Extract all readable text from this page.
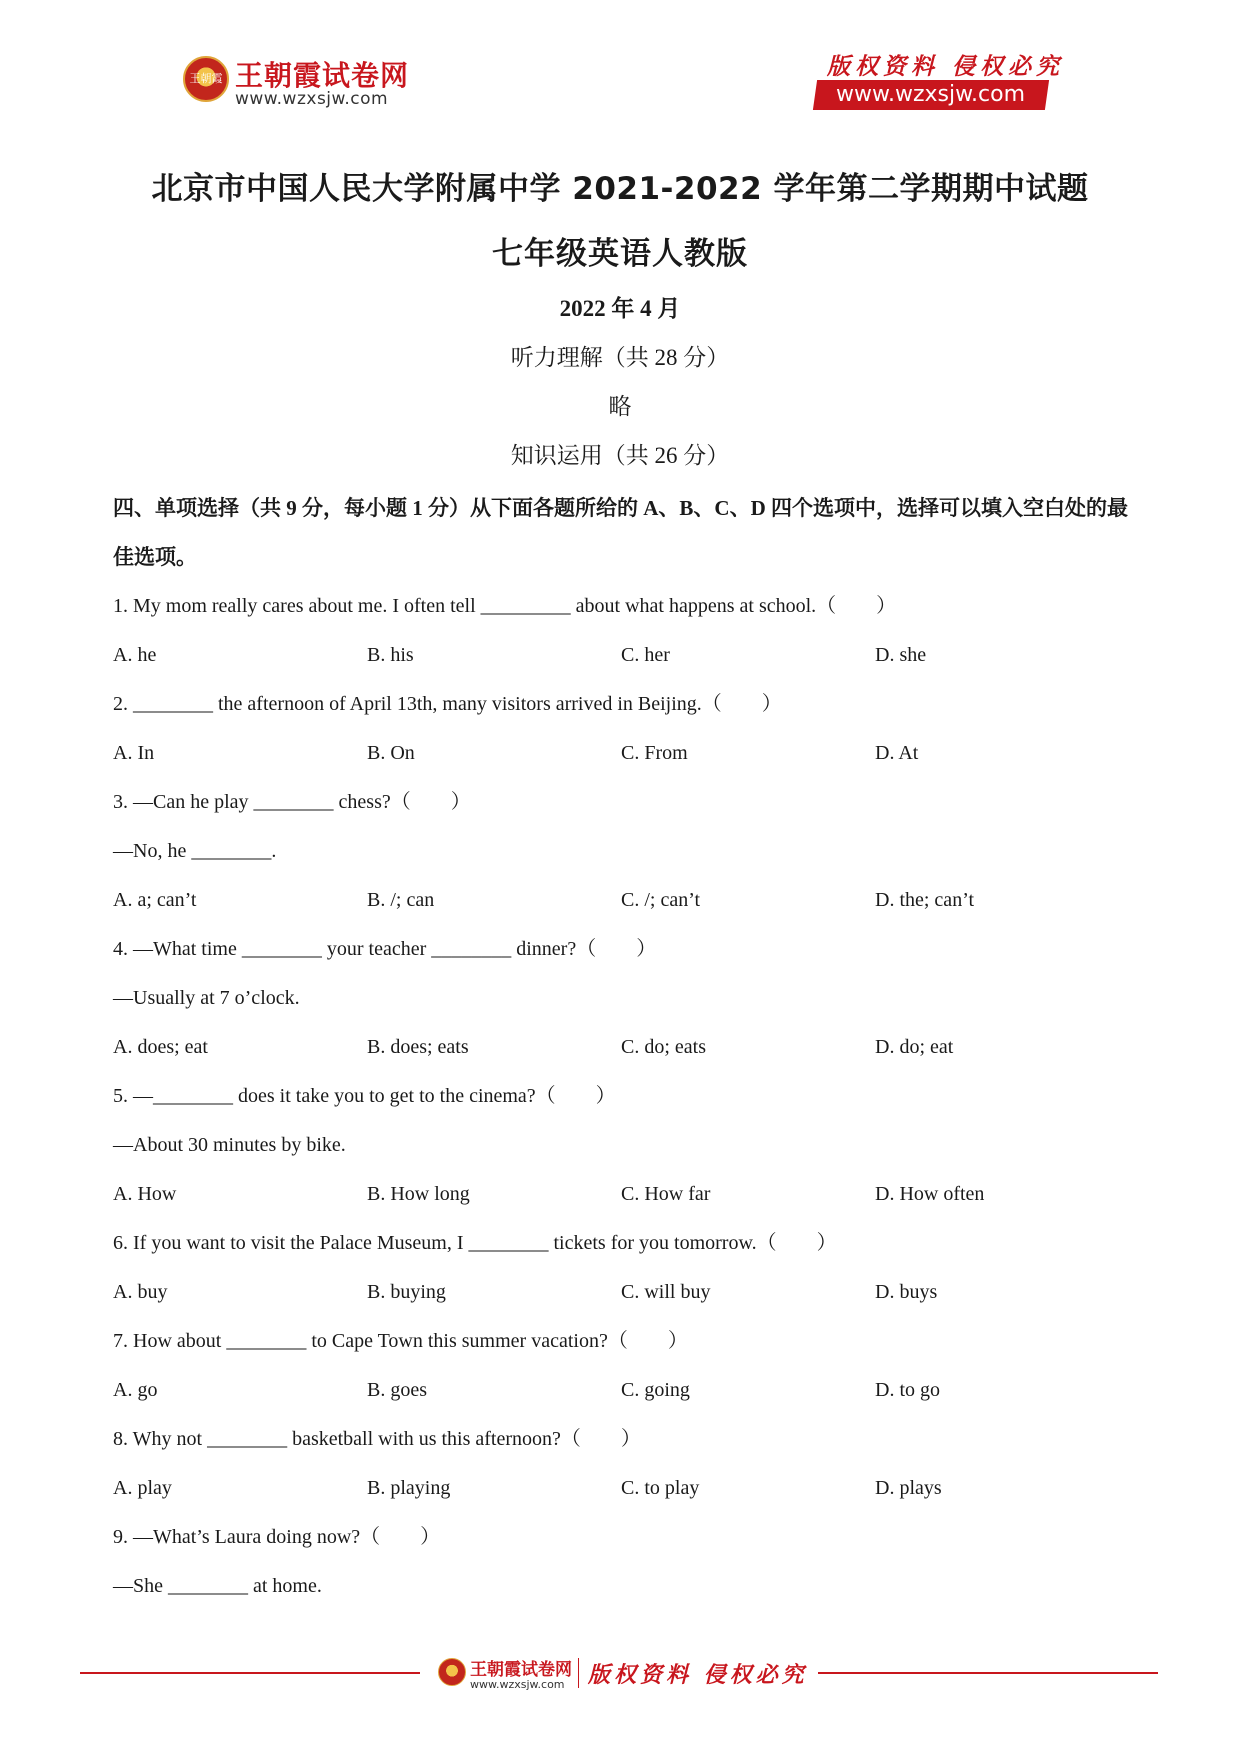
王朝霞 王朝霞试卷网
www.wzxsjw.com
版权资料 侵权必究
www.wzxsjw.com
北京市中国人民大学附属中学 2021-2022 学年第二学期期中试题
七年级英语人教版
2022 年 4 月
听力理解（共 28 分）
略
知识运用（共 26 分）

四、单项选择（共 9 分，每小题 1 分）从下面各题所给的 A、B、C、D 四个选项中，选择可以填入空白处的最佳选项。

1. My mom really cares about me. I often tell _________ about what happens at school.（　　）
A. he	B. his	C. her	D. she
2. ________ the afternoon of April 13th, many visitors arrived in Beijing.（　　）
A. In	B. On	C. From	D. At
3. —Can he play ________ chess?（　　）
—No, he ________.
A. a; can’t	B. /; can	C. /; can’t	D. the; can’t
4. —What time ________ your teacher ________ dinner?（　　）
—Usually at 7 o’clock.
A. does; eat	B. does; eats	C. do; eats	D. do; eat
5. —________ does it take you to get to the cinema?（　　）
—About 30 minutes by bike.
A. How	B. How long	C. How far	D. How often
6. If you want to visit the Palace Museum, I ________ tickets for you tomorrow.（　　）
A. buy	B. buying	C. will buy	D. buys
7. How about ________ to Cape Town this summer vacation?（　　）
A. go	B. goes	C. going	D. to go
8. Why not ________ basketball with us this afternoon?（　　）
A. play	B. playing	C. to play	D. plays
9. —What’s Laura doing now?（　　）
—She ________ at home.
王朝霞试卷网
www.wzxsjw.com 版权资料 侵权必究
